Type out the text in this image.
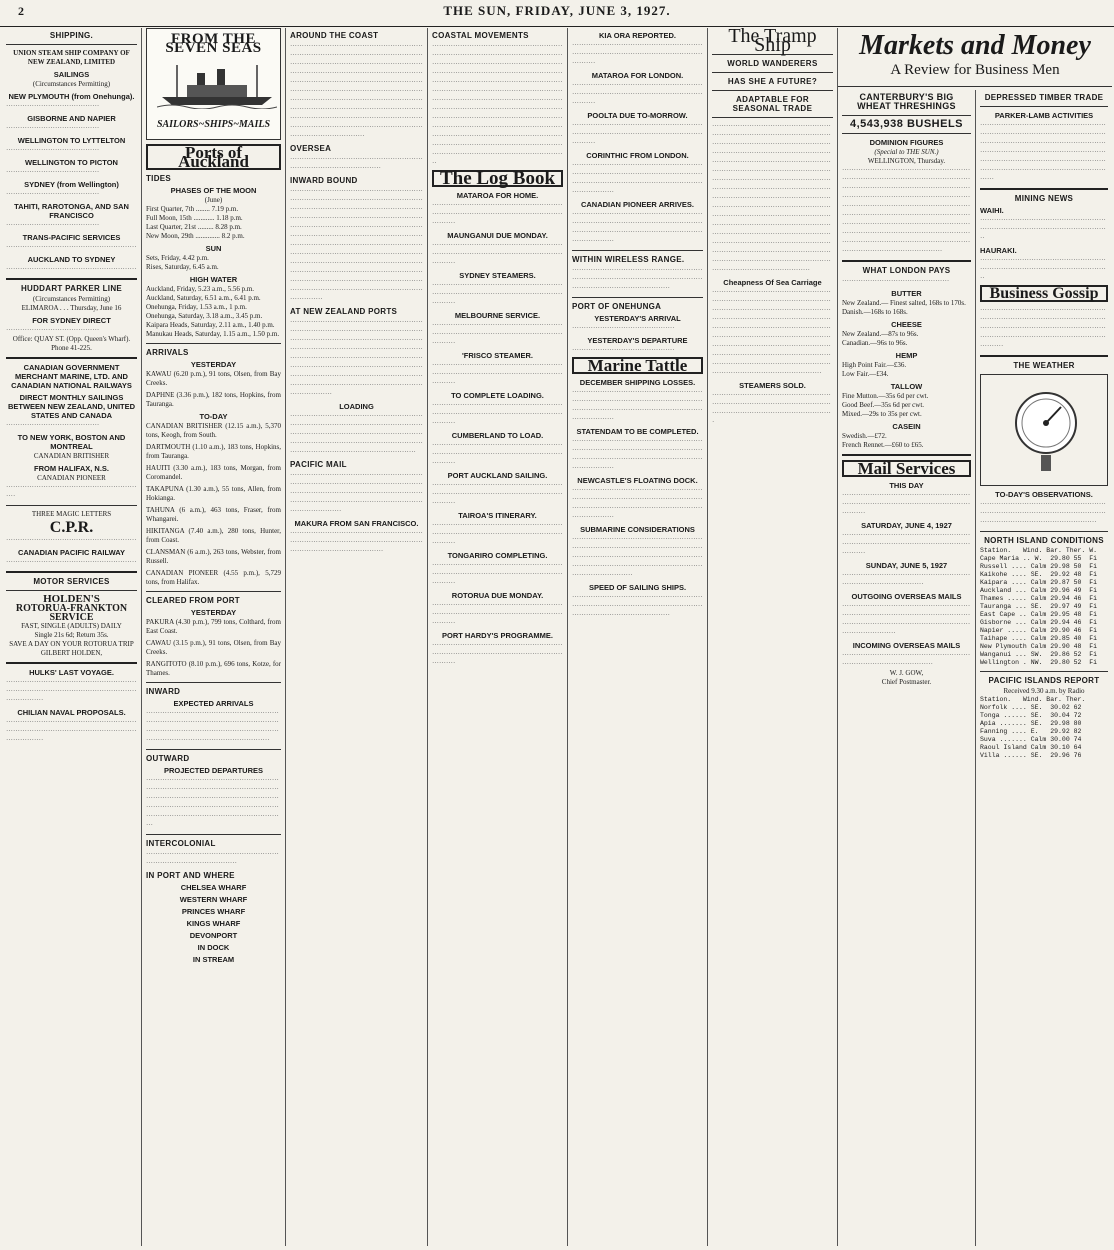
2	THE SUN, FRIDAY, JUNE 3, 1927.
SHIPPING.
UNION STEAM SHIP COMPANY OF NEW ZEALAND, LIMITED
SAILINGS
(Circumstances Permitting)
NEW PLYMOUTH (from Onehunga).
········································
GISBORNE AND NAPIER
········································
WELLINGTON TO LYTTELTON
········································
WELLINGTON TO PICTON
········································
SYDNEY (from Wellington)
········································
TAHITI, RAROTONGA, AND SAN FRANCISCO
········································
TRANS-PACIFIC SERVICES
························································
AUCKLAND TO SYDNEY
························································
HUDDART PARKER LINE
(Circumstances Permitting)
ELIMAROA . . . Thursday, June 16
FOR SYDNEY DIRECT
········································
Office: QUAY ST. (Opp. Queen's Wharf). Phone 41-225.
CANADIAN GOVERNMENT MERCHANT MARINE, LTD. AND CANADIAN NATIONAL RAILWAYS
DIRECT MONTHLY SAILINGS BETWEEN NEW ZEALAND, UNITED STATES AND CANADA
········································
TO NEW YORK, BOSTON AND MONTREAL
CANADIAN BRITISHER
FROM HALIFAX, N.S.
CANADIAN PIONEER
····························································
THREE MAGIC LETTERS
C.P.R.
························································
CANADIAN PACIFIC RAILWAY
························································
MOTOR SERVICES
HOLDEN'S
ROTORUA-FRANKTON SERVICE
FAST, SINGLE (ADULTS) DAILY
Single 21s 6d; Return 35s.
SAVE A DAY ON YOUR ROTORUA TRIP
GILBERT HOLDEN,
HULKS' LAST VOYAGE.
································································································································
CHILIAN NAVAL PROPOSALS.
································································································································
FROM THE SEVEN SEAS
SAILORS~SHIPS~MAILS
Ports of Auckland
TIDES
PHASES OF THE MOON
(June)
First Quarter, 7th ........ 7.19 p.m.
Full Moon, 15th ............ 1.18 p.m.
Last Quarter, 21st ......... 8.28 p.m.
New Moon, 29th .............. 8.2 p.m.
SUN
Sets, Friday, 4.42 p.m.
Rises, Saturday, 6.45 a.m.
HIGH WATER
Auckland, Friday, 5.23 a.m., 5.56 p.m.
Auckland, Saturday, 6.51 a.m., 6.41 p.m.
Onehunga, Friday, 1.53 a.m., 1 p.m.
Onehunga, Saturday, 3.18 a.m., 3.45 p.m.
Kaipara Heads, Saturday, 2.11 a.m., 1.40 p.m.
Manukau Heads, Saturday, 1.15 a.m., 1.50 p.m.
ARRIVALS
YESTERDAY

KAWAU (6.20 p.m.), 91 tons, Olsen, from Bay Creeks.

DAPHNE (3.36 p.m.), 182 tons, Hopkins, from Tauranga.

TO-DAY

CANADIAN BRITISHER (12.15 a.m.), 5,370 tons, Keogh, from South.

DARTMOUTH (1.10 a.m.), 183 tons, Hopkins, from Tauranga.

HAUITI (3.30 a.m.), 183 tons, Morgan, from Coromandel.

TAKAPUNA (1.30 a.m.), 55 tons, Allen, from Hokianga.

TAHUNA (6 a.m.), 463 tons, Fraser, from Whangarei.

HIKITANGA (7.40 a.m.), 280 tons, Hunter, from Coast.

CLANSMAN (6 a.m.), 263 tons, Webster, from Russell.

CANADIAN PIONEER (4.55 p.m.), 5,729 tons, from Halifax.

CLEARED FROM PORT
YESTERDAY

PAKURA (4.30 p.m.), 799 tons, Colthard, from East Coast.

CAWAU (3.15 p.m.), 91 tons, Olsen, from Bay Creeks.

RANGITOTO (8.10 p.m.), 696 tons, Kotze, for Thames.

INWARD
EXPECTED ARRIVALS
································································································································································································································
OUTWARD
PROJECTED DEPARTURES
································································································································································································································································································
INTERCOLONIAL
································································································
IN PORT AND WHERE
CHELSEA WHARF
WESTERN WHARF
PRINCES WHARF
KINGS WHARF
DEVONPORT
IN DOCK
IN STREAM
AROUND THE COAST
··························································································································································································································································································································································································································································································································································································································
OVERSEA
································································································
INWARD BOUND
··························································································································································································································································································································································································································································································································································································································································································································
AT NEW ZEALAND PORTS
··························································································································································································································································································································································································································································································
LOADING
··························································································································································································································································································
PACIFIC MAIL
··························································································································································································································································
MAKURA FROM SAN FRANCISCO.
··························································································································································
COASTAL MOVEMENTS
··························································································································································································································································································································································································································································································································································································································································································································································
The Log Book
MATAROA FOR HOME.
··························································································································
MAUNGANUI DUE MONDAY.
··························································································································
SYDNEY STEAMERS.
··························································································································
MELBOURNE SERVICE.
··························································································································
'FRISCO STEAMER.
··························································································································
TO COMPLETE LOADING.
··························································································································
CUMBERLAND TO LOAD.
··························································································································
PORT AUCKLAND SAILING.
··························································································································
TAIROA'S ITINERARY.
··························································································································
TONGARIRO COMPLETING.
··························································································································
ROTORUA DUE MONDAY.
··························································································································
PORT HARDY'S PROGRAMME.
··························································································································
KIA ORA REPORTED.
··························································································································
MATAROA FOR LONDON.
··························································································································
POOLTA DUE TO-MORROW.
··························································································································
CORINTHIC FROM LONDON.
··························································································································································································
CANADIAN PIONEER ARRIVES.
··························································································································································································
WITHIN WIRELESS RANGE.
··························································································································································
PORT OF ONEHUNGA
YESTERDAY'S ARRIVAL
············································
YESTERDAY'S DEPARTURE
············································
Marine Tattle
DECEMBER SHIPPING LOSSES.
··························································································································································································
STATENDAM TO BE COMPLETED.
··························································································································································································
NEWCASTLE'S FLOATING DOCK.
··························································································································································································
SUBMARINE CONSIDERATIONS
··························································································································································································································································
SPEED OF SAILING SHIPS.
··························································································································································
The Tramp Ship
WORLD WANDERERS
HAS SHE A FUTURE?
ADAPTABLE FOR SEASONAL TRADE
··························································································································································································································································································································································································································································································································································································································································································································································································································································································
Cheapness Of Sea Carriage
··························································································································································································································································································································································································································································································································
STEAMERS SOLD.
··························································································································································
Markets and Money
A Review for Business Men
CANTERBURY'S BIG WHEAT THRESHINGS
4,543,938 BUSHELS
DOMINION FIGURES
(Special to THE SUN.)
WELLINGTON, Thursday.
··························································································································································································································································································································································································································································································································································
WHAT LONDON PAYS
··············································
BUTTER
New Zealand.— Finest salted, 168s to 170s.
Danish.—168s to 168s.
CHEESE
New Zealand.—87s to 96s.
Canadian.—96s to 96s.
HEMP
High Point Fair.—£36.
Low Fair.—£34.
TALLOW
Fine Mutton.—35s 6d per cwt.
Good Beef.—35s 6d per cwt.
Mixed.—29s to 35s per cwt.
CASEIN
Swedish.—£72.
French Rennet.—£60 to £65.
Mail Services
THIS DAY
························································································································
SATURDAY, JUNE 4, 1927
························································································································
SUNDAY, JUNE 5, 1927
··························································································
OUTGOING OVERSEAS MAILS
····························································································································································································
INCOMING OVERSEAS MAILS
······························································································
W. J. GOW,
Chief Postmaster.
DEPRESSED TIMBER TRADE
PARKER-LAMB ACTIVITIES
··········································································································································································································································································································································
MINING NEWS
WAIHI.
··············································································································
HAURAKI.
··············································································································
Business Gossip
··································································································································································································································
THE WEATHER
TO-DAY'S OBSERVATIONS.
······························································································································································
NORTH ISLAND CONDITIONS
Station.   Wind. Bar. Ther. W.
Cape Maria .. W.  29.80 55  Fi
Russell .... Calm 29.98 50  Fi
Kaikohe .... SE.  29.92 48  Fi
Kaipara .... Calm 29.87 50  Fi
Auckland ... Calm 29.96 49  Fi
Thames ..... Calm 29.94 46  Fi
Tauranga ... SE.  29.97 49  Fi
East Cape .. Calm 29.95 48  Fi
Gisborne ... Calm 29.94 46  Fi
Napier ..... Calm 29.90 46  Fi
Taihape .... Calm 29.85 40  Fi
New Plymouth Calm 29.90 48  Fi
Wanganui ... SW.  29.86 52  Fi
Wellington . NW.  29.80 52  Fi
PACIFIC ISLANDS REPORT
Received 9.30 a.m. by Radio
Station.   Wind. Bar. Ther.
Norfolk .... SE.  30.02 62
Tonga ...... SE.  30.04 72
Apia ....... SE.  29.98 80
Fanning .... E.   29.92 82
Suva ....... Calm 30.00 74
Raoul Island Calm 30.10 64
Villa ...... SE.  29.96 76
